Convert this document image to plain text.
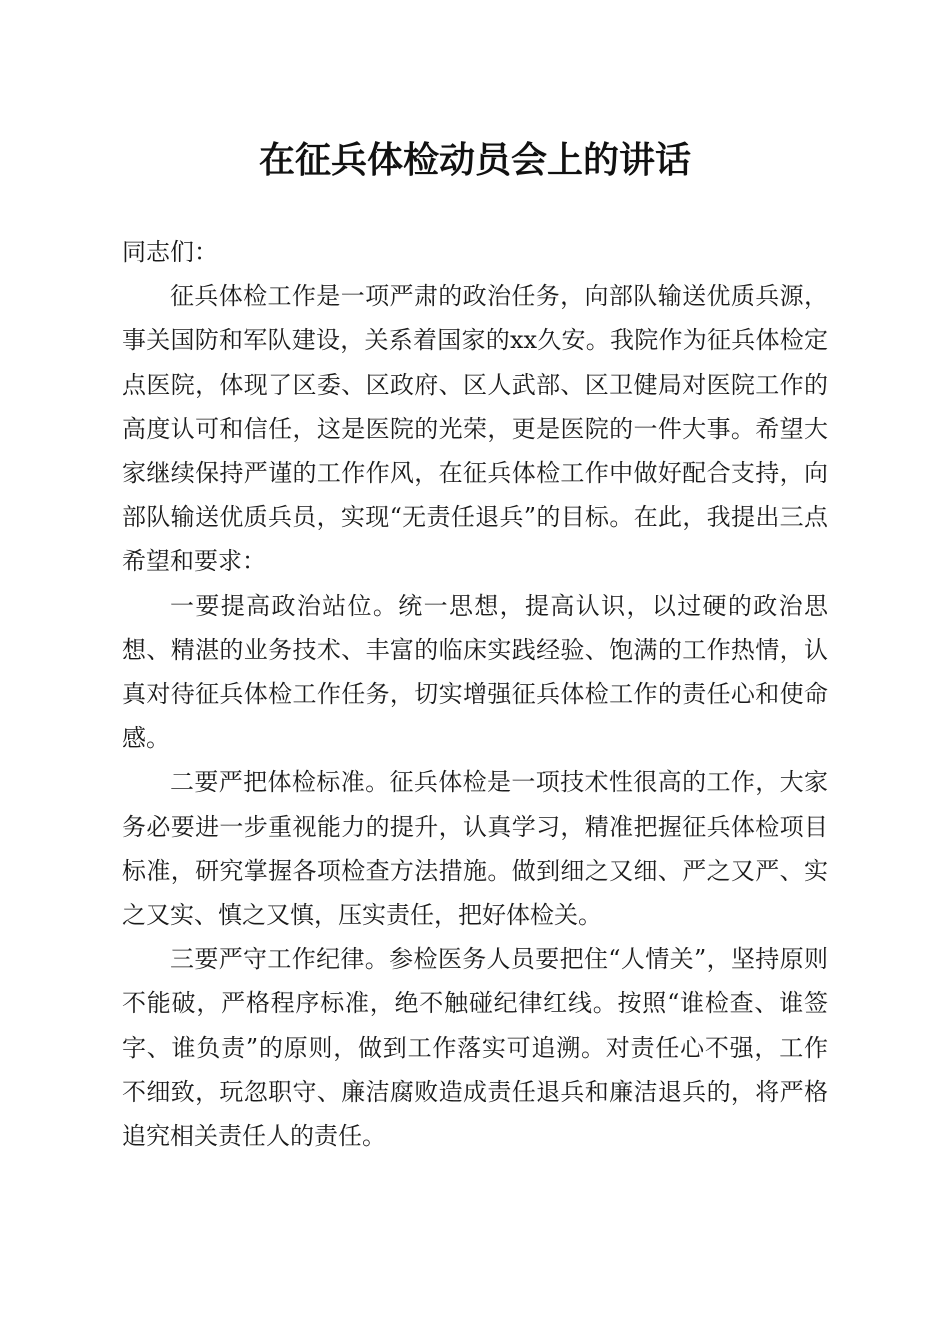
在征兵体检动员会上的讲话

同志们：

征兵体检工作是一项严肃的政治任务，向部队输送优质兵源，事关国防和军队建设，关系着国家的xx久安。我院作为征兵体检定点医院，体现了区委、区政府、区人武部、区卫健局对医院工作的高度认可和信任，这是医院的光荣，更是医院的一件大事。希望大家继续保持严谨的工作作风，在征兵体检工作中做好配合支持，向部队输送优质兵员，实现“无责任退兵”的目标。在此，我提出三点希望和要求：

一要提高政治站位。统一思想，提高认识，以过硬的政治思想、精湛的业务技术、丰富的临床实践经验、饱满的工作热情，认真对待征兵体检工作任务，切实增强征兵体检工作的责任心和使命感。

二要严把体检标准。征兵体检是一项技术性很高的工作，大家务必要进一步重视能力的提升，认真学习，精准把握征兵体检项目标准，研究掌握各项检查方法措施。做到细之又细、严之又严、实之又实、慎之又慎，压实责任，把好体检关。

三要严守工作纪律。参检医务人员要把住“人情关”，坚持原则不能破，严格程序标准，绝不触碰纪律红线。按照“谁检查、谁签字、谁负责”的原则，做到工作落实可追溯。对责任心不强，工作不细致，玩忽职守、廉洁腐败造成责任退兵和廉洁退兵的，将严格追究相关责任人的责任。
